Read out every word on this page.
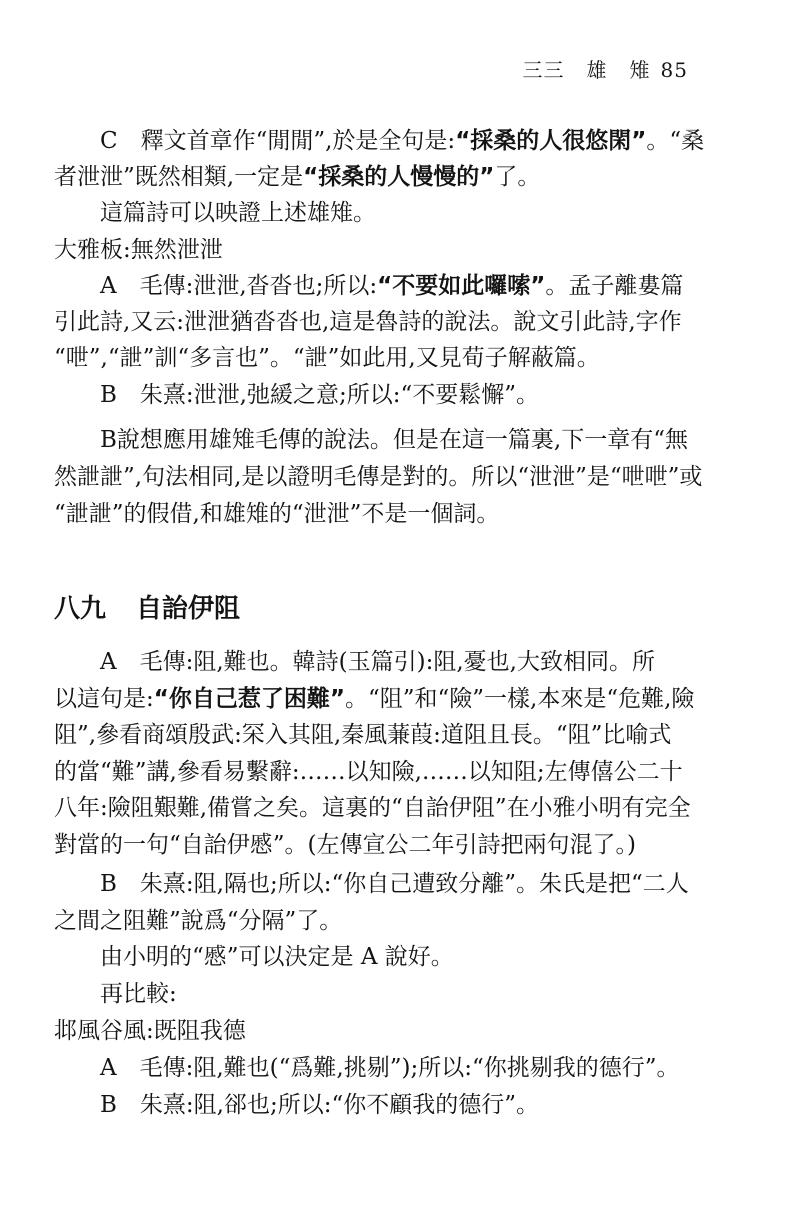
三三 雄 雉 85
C　釋文首章作“閒閒”,於是全句是:“採桑的人很悠閑”。“桑
者泄泄”既然相類,一定是“採桑的人慢慢的”了。
這篇詩可以映證上述雄雉。
大雅板:無然泄泄
A　毛傳:泄泄,沓沓也;所以:“不要如此囉嗦”。孟子離婁篇
引此詩,又云:泄泄猶沓沓也,這是魯詩的說法。說文引此詩,字作
“呭”,“詍”訓“多言也”。“詍”如此用,又見荀子解蔽篇。
B　朱熹:泄泄,弛緩之意;所以:“不要鬆懈”。
B說想應用雄雉毛傳的說法。但是在這一篇裏,下一章有“無
然詍詍”,句法相同,是以證明毛傳是對的。所以“泄泄”是“呭呭”或
“詍詍”的假借,和雄雉的“泄泄”不是一個詞。
八九 自詒伊阻
A　毛傳:阻,難也。韓詩(玉篇引):阻,憂也,大致相同。所
以這句是:“你自己惹了困難”。“阻”和“險”一樣,本來是“危難,險
阻”,參看商頌殷武:罙入其阻,秦風蒹葭:道阻且長。“阻”比喻式
的當“難”講,參看易繫辭:……以知險,……以知阻;左傳僖公二十
八年:險阻艱難,備嘗之矣。這裏的“自詒伊阻”在小雅小明有完全
對當的一句“自詒伊慼”。(左傳宣公二年引詩把兩句混了。)
B　朱熹:阻,隔也;所以:“你自己遭致分離”。朱氏是把“二人
之間之阻難”說爲“分隔”了。
由小明的“慼”可以決定是 A 說好。
再比較:
邶風谷風:既阻我德
A　毛傳:阻,難也(“爲難,挑剔”);所以:“你挑剔我的德行”。
B　朱熹:阻,郤也;所以:“你不顧我的德行”。
